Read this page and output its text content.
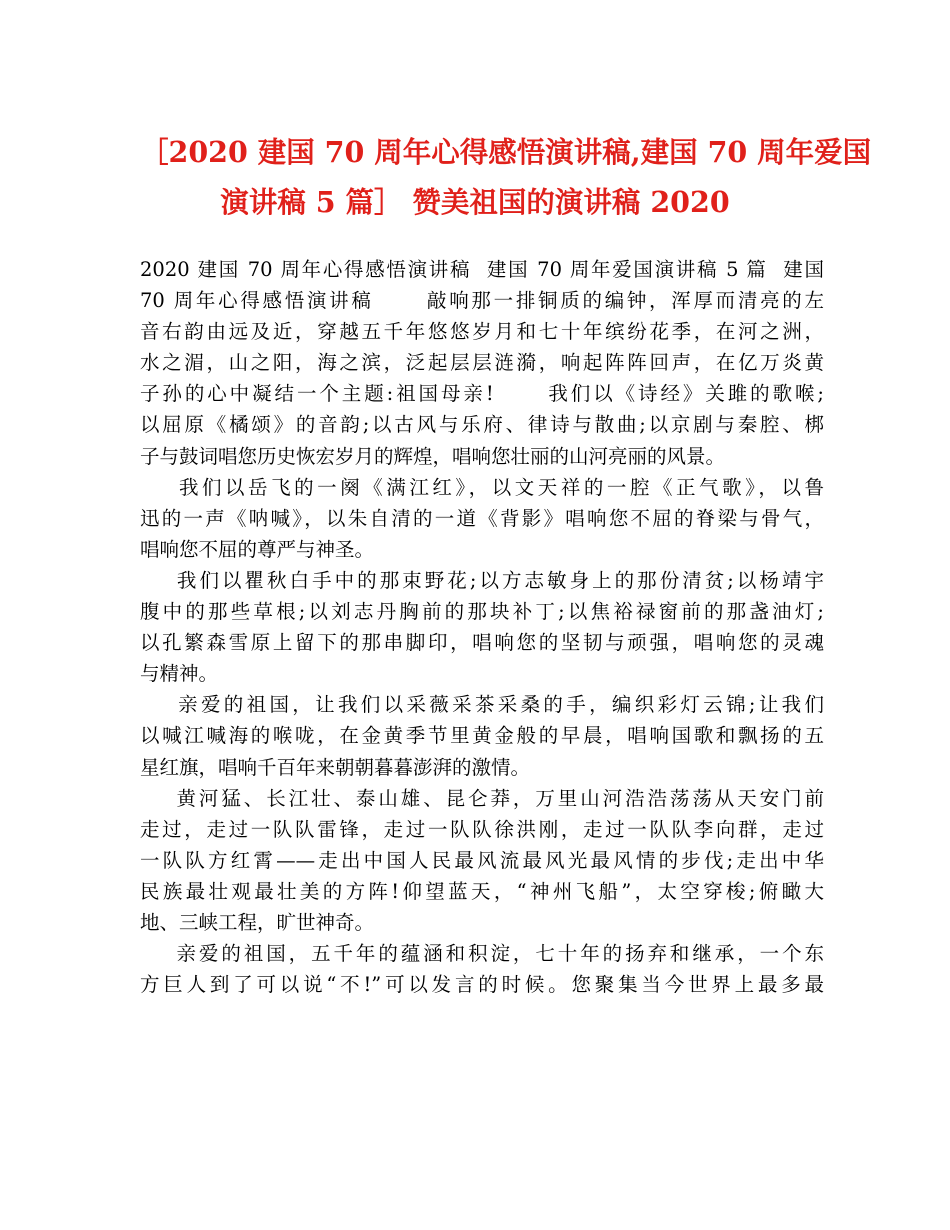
［2020 建国 70 周年心得感悟演讲稿,建国 70 周年爱国
演讲稿 5 篇］ 赞美祖国的演讲稿 2020
2020 建国 70 周年心得感悟演讲稿  建国 70 周年爱国演讲稿 5 篇  建国
70 周年心得感悟演讲稿      敲响那一排铜质的编钟，浑厚而清亮的左
音右韵由远及近，穿越五千年悠悠岁月和七十年缤纷花季，在河之洲，
水之湄，山之阳，海之滨，泛起层层涟漪，响起阵阵回声，在亿万炎黄
子孙的心中凝结一个主题:祖国母亲!      我们以《诗经》关雎的歌喉;
以屈原《橘颂》的音韵;以古风与乐府、律诗与散曲;以京剧与秦腔、梆
子与鼓词唱您历史恢宏岁月的辉煌，唱响您壮丽的山河亮丽的风景。
我们以岳飞的一阕《满江红》，以文天祥的一腔《正气歌》，以鲁
迅的一声《呐喊》，以朱自清的一道《背影》唱响您不屈的脊梁与骨气，
唱响您不屈的尊严与神圣。
我们以瞿秋白手中的那束野花;以方志敏身上的那份清贫;以杨靖宇
腹中的那些草根;以刘志丹胸前的那块补丁;以焦裕禄窗前的那盏油灯;
以孔繁森雪原上留下的那串脚印，唱响您的坚韧与顽强，唱响您的灵魂
与精神。
亲爱的祖国，让我们以采薇采茶采桑的手，编织彩灯云锦;让我们
以喊江喊海的喉咙，在金黄季节里黄金般的早晨，唱响国歌和飘扬的五
星红旗，唱响千百年来朝朝暮暮澎湃的激情。
黄河猛、长江壮、泰山雄、昆仑莽，万里山河浩浩荡荡从天安门前
走过，走过一队队雷锋，走过一队队徐洪刚，走过一队队李向群，走过
一队队方红霄——走出中国人民最风流最风光最风情的步伐;走出中华
民族最壮观最壮美的方阵!仰望蓝天，“神州飞船”，太空穿梭;俯瞰大
地、三峡工程，旷世神奇。
亲爱的祖国，五千年的蕴涵和积淀，七十年的扬弃和继承，一个东
方巨人到了可以说“不!”可以发言的时候。您聚集当今世界上最多最
